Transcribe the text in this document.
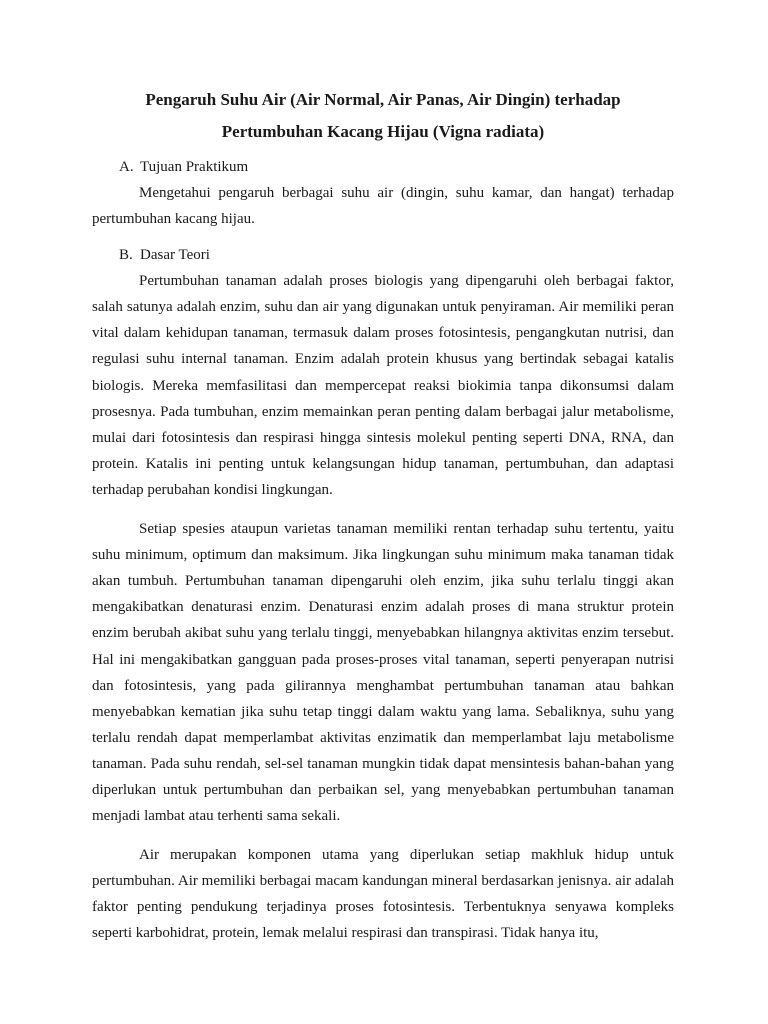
Pengaruh Suhu Air (Air Normal, Air Panas, Air Dingin) terhadap

Pertumbuhan Kacang Hijau (Vigna radiata)

A. Tujuan Praktikum

Mengetahui pengaruh berbagai suhu air (dingin, suhu kamar, dan hangat) terhadap pertumbuhan kacang hijau.

B. Dasar Teori

Pertumbuhan tanaman adalah proses biologis yang dipengaruhi oleh berbagai faktor, salah satunya adalah enzim, suhu dan air yang digunakan untuk penyiraman. Air memiliki peran vital dalam kehidupan tanaman, termasuk dalam proses fotosintesis, pengangkutan nutrisi, dan regulasi suhu internal tanaman. Enzim adalah protein khusus yang bertindak sebagai katalis biologis. Mereka memfasilitasi dan mempercepat reaksi biokimia tanpa dikonsumsi dalam prosesnya. Pada tumbuhan, enzim memainkan peran penting dalam berbagai jalur metabolisme, mulai dari fotosintesis dan respirasi hingga sintesis molekul penting seperti DNA, RNA, dan protein. Katalis ini penting untuk kelangsungan hidup tanaman, pertumbuhan, dan adaptasi terhadap perubahan kondisi lingkungan.

Setiap spesies ataupun varietas tanaman memiliki rentan terhadap suhu tertentu, yaitu suhu minimum, optimum dan maksimum. Jika lingkungan suhu minimum maka tanaman tidak akan tumbuh. Pertumbuhan tanaman dipengaruhi oleh enzim, jika suhu terlalu tinggi akan mengakibatkan denaturasi enzim. Denaturasi enzim adalah proses di mana struktur protein enzim berubah akibat suhu yang terlalu tinggi, menyebabkan hilangnya aktivitas enzim tersebut. Hal ini mengakibatkan gangguan pada proses-proses vital tanaman, seperti penyerapan nutrisi dan fotosintesis, yang pada gilirannya menghambat pertumbuhan tanaman atau bahkan menyebabkan kematian jika suhu tetap tinggi dalam waktu yang lama. Sebaliknya, suhu yang terlalu rendah dapat memperlambat aktivitas enzimatik dan memperlambat laju metabolisme tanaman. Pada suhu rendah, sel-sel tanaman mungkin tidak dapat mensintesis bahan-bahan yang diperlukan untuk pertumbuhan dan perbaikan sel, yang menyebabkan pertumbuhan tanaman menjadi lambat atau terhenti sama sekali.

Air merupakan komponen utama yang diperlukan setiap makhluk hidup untuk pertumbuhan. Air memiliki berbagai macam kandungan mineral berdasarkan jenisnya. air adalah faktor penting pendukung terjadinya proses fotosintesis. Terbentuknya senyawa kompleks seperti karbohidrat, protein, lemak melalui respirasi dan transpirasi. Tidak hanya itu,
